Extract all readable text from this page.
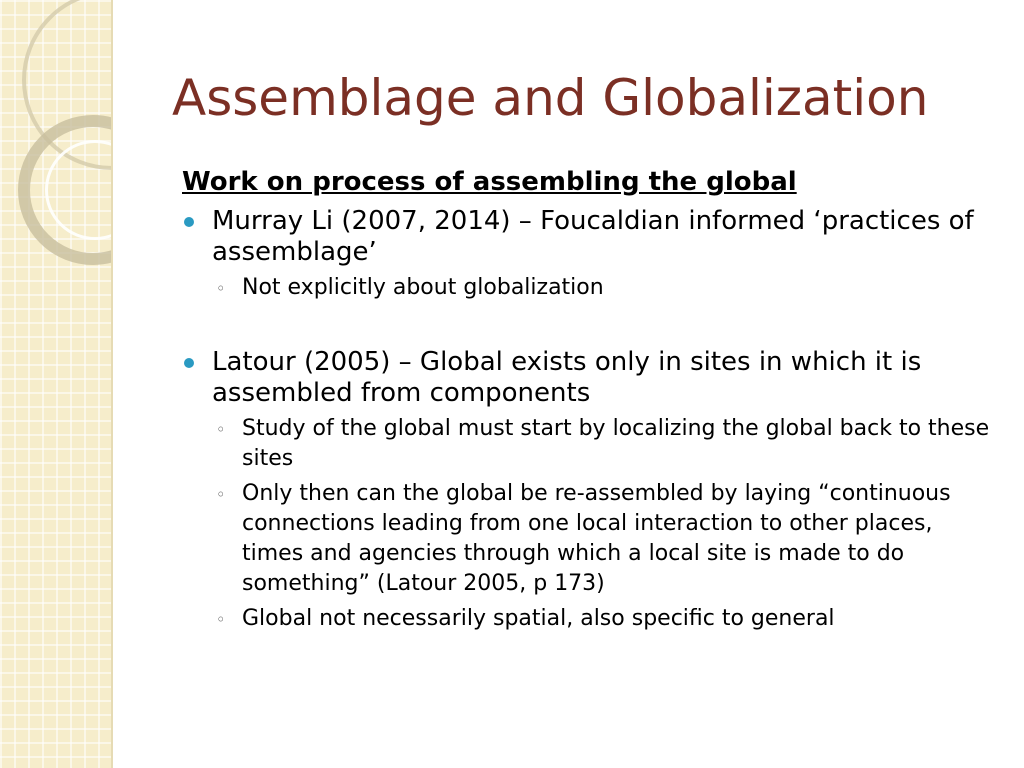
Assemblage and Globalization
Work on process of assembling the global
Murray Li (2007, 2014) – Foucaldian informed ‘practices of assemblage’
◦ Not explicitly about globalization
Latour (2005) – Global exists only in sites in which it is assembled from components
◦ Study of the global must start by localizing the global back to these sites
◦ Only then can the global be re-assembled by laying “continuous connections leading from one local interaction to other places, times and agencies through which a local site is made to do something” (Latour 2005, p 173)
◦ Global not necessarily spatial, also specific to general
